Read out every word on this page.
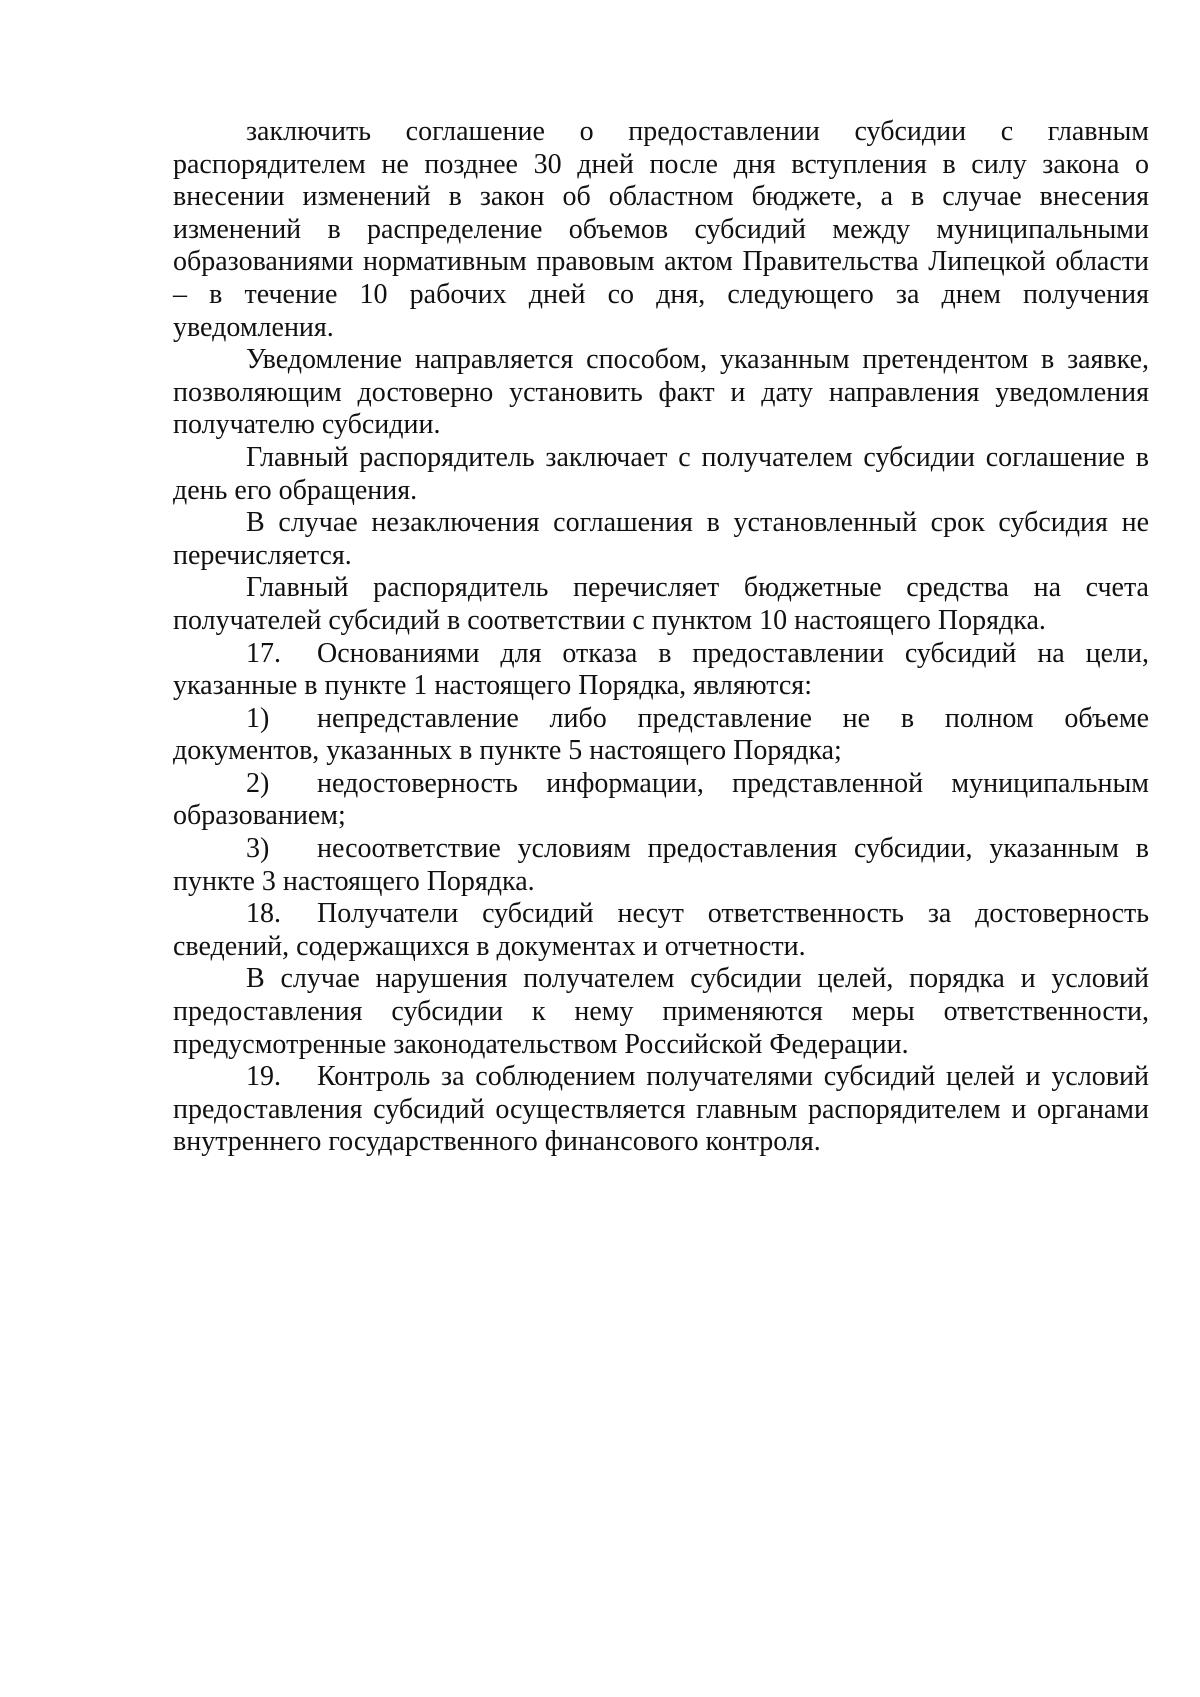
заключить соглашение о предоставлении субсидии с главным распорядителем не позднее 30 дней после дня вступления в силу закона о внесении изменений в закон об областном бюджете, а в случае внесения изменений в распределение объемов субсидий между муниципальными образованиями нормативным правовым актом Правительства Липецкой области – в течение 10 рабочих дней со дня, следующего за днем получения уведомления.

Уведомление направляется способом, указанным претендентом в заявке, позволяющим достоверно установить факт и дату направления уведомления получателю субсидии.

Главный распорядитель заключает с получателем субсидии соглашение в день его обращения.

В случае незаключения соглашения в установленный срок субсидия не перечисляется.

Главный распорядитель перечисляет бюджетные средства на счета получателей субсидий в соответствии с пунктом 10 настоящего Порядка.

17. Основаниями для отказа в предоставлении субсидий на цели, указанные в пункте 1 настоящего Порядка, являются:

1) непредставление либо представление не в полном объеме документов, указанных в пункте 5 настоящего Порядка;

2) недостоверность информации, представленной муниципальным образованием;

3) несоответствие условиям предоставления субсидии, указанным в пункте 3 настоящего Порядка.

18. Получатели субсидий несут ответственность за достоверность сведений, содержащихся в документах и отчетности.

В случае нарушения получателем субсидии целей, порядка и условий предоставления субсидии к нему применяются меры ответственности, предусмотренные законодательством Российской Федерации.

19. Контроль за соблюдением получателями субсидий целей и условий предоставления субсидий осуществляется главным распорядителем и органами внутреннего государственного финансового контроля.
